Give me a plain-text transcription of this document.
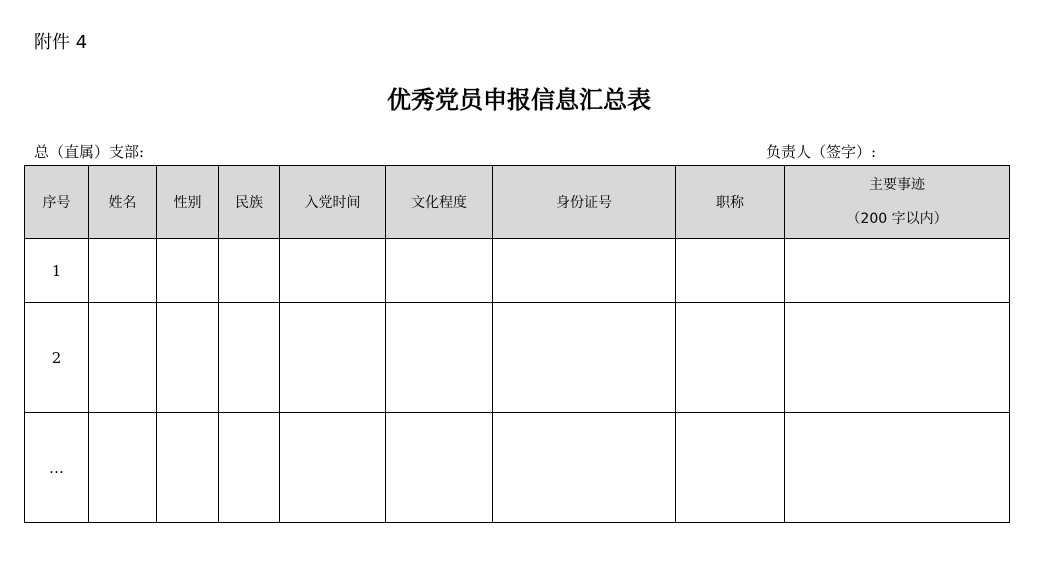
附件 4
优秀党员申报信息汇总表
总（直属）支部:	负责人（签字）:
序号	姓名	性别	民族	入党时间	文化程度	身份证号	职称	主要事迹
（200 字以内）

1								
2								
…								
